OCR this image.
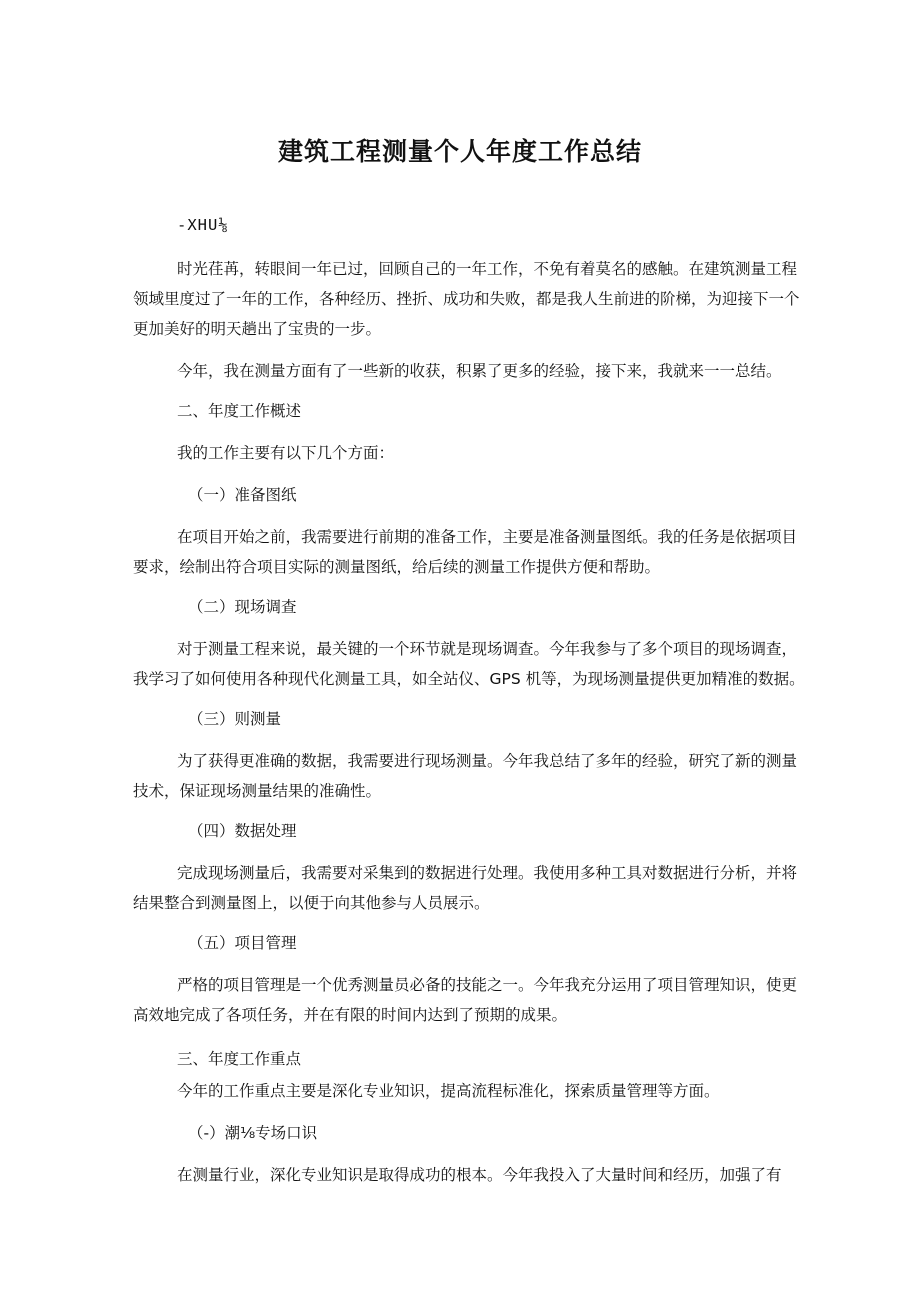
建筑工程测量个人年度工作总结

-XHU⅛

时光荏苒，转眼间一年已过，回顾自己的一年工作，不免有着莫名的感触。在建筑测量工程

领域里度过了一年的工作，各种经历、挫折、成功和失败，都是我人生前进的阶梯，为迎接下一个

更加美好的明天趟出了宝贵的一步。

今年，我在测量方面有了一些新的收获，积累了更多的经验，接下来，我就来一一总结。

二、年度工作概述

我的工作主要有以下几个方面：

（一）准备图纸

在项目开始之前，我需要进行前期的准备工作，主要是准备测量图纸。我的任务是依据项目

要求，绘制出符合项目实际的测量图纸，给后续的测量工作提供方便和帮助。

（二）现场调查

对于测量工程来说，最关键的一个环节就是现场调查。今年我参与了多个项目的现场调查，

我学习了如何使用各种现代化测量工具，如全站仪、GPS 机等，为现场测量提供更加精准的数据。

（三）则测量

为了获得更准确的数据，我需要进行现场测量。今年我总结了多年的经验，研究了新的测量

技术，保证现场测量结果的准确性。

（四）数据处理

完成现场测量后，我需要对采集到的数据进行处理。我使用多种工具对数据进行分析，并将

结果整合到测量图上，以便于向其他参与人员展示。

（五）项目管理

严格的项目管理是一个优秀测量员必备的技能之一。今年我充分运用了项目管理知识，使更

高效地完成了各项任务，并在有限的时间内达到了预期的成果。

三、年度工作重点

今年的工作重点主要是深化专业知识，提高流程标准化，探索质量管理等方面。

（-）潮⅛专场口识

在测量行业，深化专业知识是取得成功的根本。今年我投入了大量时间和经历，加强了有
